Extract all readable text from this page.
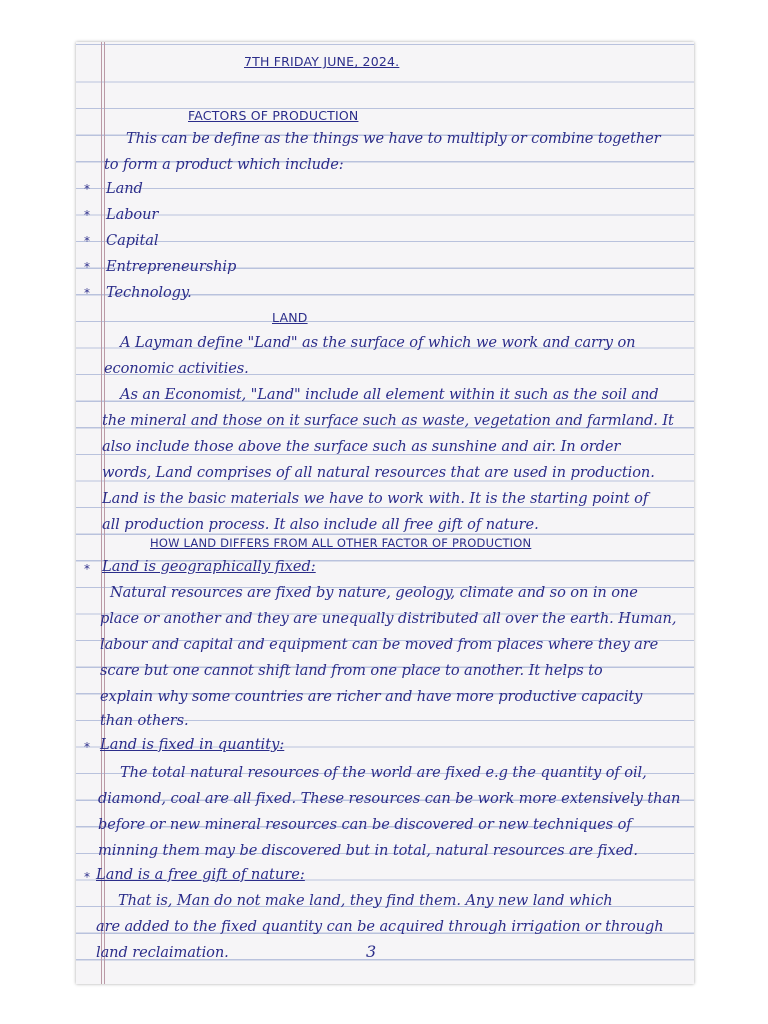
7TH FRIDAY JUNE, 2024.
FACTORS OF PRODUCTION
This can be define as the things we have to multiply or combine together
to form a product which include:
* Land
* Labour
* Capital
* Entrepreneurship
* Technology.
LAND
A Layman define "Land" as the surface of which we work and carry on
economic activities.
As an Economist, "Land" include all element within it such as the soil and
the mineral and those on it surface such as waste, vegetation and farmland. It
also include those above the surface such as sunshine and air. In order
words, Land comprises of all natural resources that are used in production.
Land is the basic materials we have to work with. It is the starting point of
all production process. It also include all free gift of nature.
HOW LAND DIFFERS FROM ALL OTHER FACTOR OF PRODUCTION
* Land is geographically fixed:
Natural resources are fixed by nature, geology, climate and so on in one
place or another and they are unequally distributed all over the earth. Human,
labour and capital and equipment can be moved from places where they are
scare but one cannot shift land from one place to another. It helps to
explain why some countries are richer and have more productive capacity
than others.
* Land is fixed in quantity:
The total natural resources of the world are fixed e.g the quantity of oil,
diamond, coal are all fixed. These resources can be work more extensively than
before or new mineral resources can be discovered or new techniques of
minning them may be discovered but in total, natural resources are fixed.
* Land is a free gift of nature:
That is, Man do not make land, they find them. Any new land which
are added to the fixed quantity can be acquired through irrigation or through
land reclaimation.	3
